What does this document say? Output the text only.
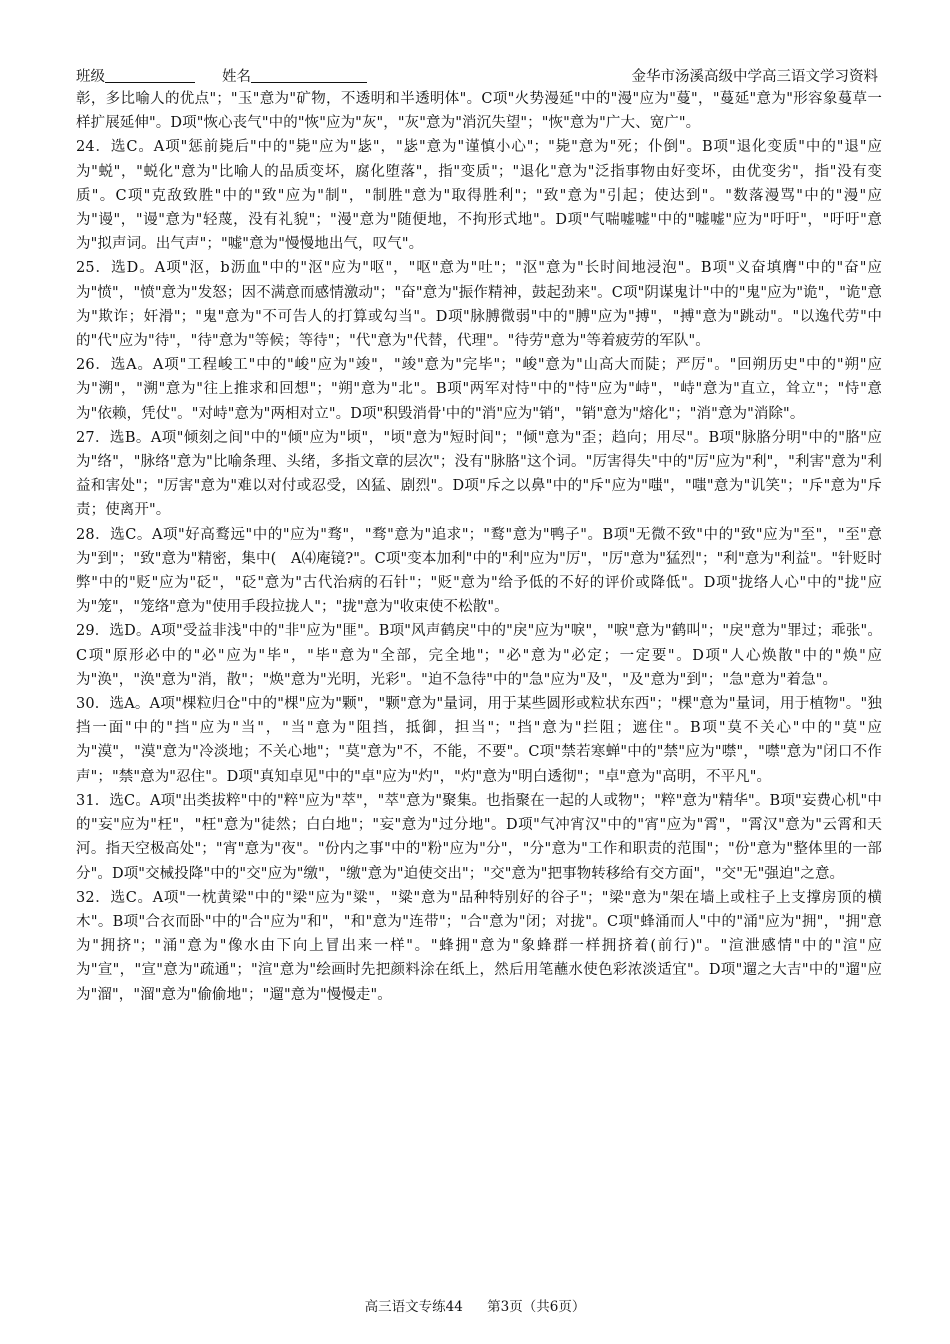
班级	姓名	金华市汤溪高级中学高三语文学习资料

彰，多比喻人的优点"；"玉"意为"矿物，不透明和半透明体"。C项"火势漫延"中的"漫"应为"蔓"，"蔓延"意为"形容象蔓草一样扩展延伸"。D项"恢心丧气"中的"恢"应为"灰"，"灰"意为"消沉失望"；"恢"意为"广大、宽广"。

24．选C。A项"惩前毙后"中的"毙"应为"毖"，"毖"意为"谨慎小心"；"毙"意为"死；仆倒"。B项"退化变质"中的"退"应为"蜕"，"蜕化"意为"比喻人的品质变坏，腐化堕落"，指"变质"；"退化"意为"泛指事物由好变坏，由优变劣"，指"没有变质"。C项"克敌致胜"中的"致"应为"制"，"制胜"意为"取得胜利"；"致"意为"引起；使达到"。"数落漫骂"中的"漫"应为"谩"，"谩"意为"轻蔑，没有礼貌"；"漫"意为"随便地，不拘形式地"。D项"气喘嘘嘘"中的"嘘嘘"应为"吁吁"，"吁吁"意为"拟声词。出气声"；"嘘"意为"慢慢地出气，叹气"。

25．选D。A项"沤，b沥血"中的"沤"应为"呕"，"呕"意为"吐"；"沤"意为"长时间地浸泡"。B项"义奋填膺"中的"奋"应为"愤"，"愤"意为"发怒；因不满意而感情激动"；"奋"意为"振作精神，鼓起劲来"。C项"阴谋鬼计"中的"鬼"应为"诡"，"诡"意为"欺诈；奸滑"；"鬼"意为"不可告人的打算或勾当"。D项"脉膊微弱"中的"膊"应为"搏"，"搏"意为"跳动"。"以逸代劳"中的"代"应为"待"，"待"意为"等候；等待"；"代"意为"代替，代理"。"待劳"意为"等着疲劳的军队"。

26．选A。A项"工程峻工"中的"峻"应为"竣"，"竣"意为"完毕"；"峻"意为"山高大而陡；严厉"。"回朔历史"中的"朔"应为"溯"，"溯"意为"往上推求和回想"；"朔"意为"北"。B项"两军对恃"中的"恃"应为"峙"，"峙"意为"直立，耸立"；"恃"意为"依赖，凭仗"。"对峙"意为"两相对立"。D项"积毁消骨'中的"消"应为"销"，"销"意为"熔化"；"消"意为"消除"。

27．选B。A项"倾刻之间"中的"倾"应为"顷"，"顷"意为"短时间"；"倾"意为"歪；趋向；用尽"。B项"脉胳分明"中的"胳"应为"络"，"脉络"意为"比喻条理、头绪，多指文章的层次"；没有"脉胳"这个词。"厉害得失"中的"厉"应为"利"，"利害"意为"利益和害处"；"厉害"意为"难以对付或忍受，凶猛、剧烈"。D项"斥之以鼻"中的"斥"应为"嗤"，"嗤"意为"讥笑"；"斥"意为"斥责；使离开"。

28．选C。A项"好高鹜远"中的"应为"骛"，"骛"意为"追求"；"鹜"意为"鸭子"。B项"无微不致"中的"致"应为"至"，"至"意为"到"；"致"意为"精密，集中(　A⑷庵镜?"。C项"变本加利"中的"利"应为"厉"，"厉"意为"猛烈"；"利"意为"利益"。"针贬时弊"中的"贬"应为"砭"，"砭"意为"古代治病的石针"；"贬"意为"给予低的不好的评价或降低"。D项"拢络人心"中的"拢"应为"笼"，"笼络"意为"使用手段拉拢人"；"拢"意为"收束使不松散"。

29．选D。A项"受益非浅"中的"非"应为"匪"。B项"风声鹤戾"中的"戾"应为"唳"，"唳"意为"鹤叫"；"戾"意为"罪过；乖张"。C项"原形必中的"必"应为"毕"，"毕"意为"全部，完全地"；"必"意为"必定；一定要"。D项"人心焕散"中的"焕"应为"涣"，"涣"意为"消，散"；"焕"意为"光明，光彩"。"迫不急待"中的"急"应为"及"，"及"意为"到"；"急"意为"着急"。

30．选A。A项"棵粒归仓"中的"棵"应为"颗"，"颗"意为"量词，用于某些圆形或粒状东西"；"棵"意为"量词，用于植物"。"独挡一面"中的"挡"应为"当"，"当"意为"阻挡，抵御，担当"；"挡"意为"拦阻；遮住"。B项"莫不关心"中的"莫"应为"漠"，"漠"意为"冷淡地；不关心地"；"莫"意为"不，不能，不要"。C项"禁若寒蝉"中的"禁"应为"噤"，"噤"意为"闭口不作声"；"禁"意为"忍住"。D项"真知卓见"中的"卓"应为"灼"，"灼"意为"明白透彻"；"卓"意为"高明，不平凡"。

31．选C。A项"出类拔粹"中的"粹"应为"萃"，"萃"意为"聚集。也指聚在一起的人或物"；"粹"意为"精华"。B项"妄费心机"中的"妄"应为"枉"，"枉"意为"徒然；白白地"；"妄"意为"过分地"。D项"气冲宵汉"中的"宵"应为"霄"，"霄汉"意为"云霄和天河。指天空极高处"；"宵"意为"夜"。"份内之事"中的"粉"应为"分"，"分"意为"工作和职责的范围"；"份"意为"整体里的一部分"。D项"交械投降"中的"交"应为"缴"，"缴"意为"迫使交出"；"交"意为"把事物转移给有交方面"，"交"无"强迫"之意。

32．选C。A项"一枕黄梁"中的"梁"应为"粱"，"粱"意为"品种特别好的谷子"；"梁"意为"架在墙上或柱子上支撑房顶的横木"。B项"合衣而卧"中的"合"应为"和"，"和"意为"连带"；"合"意为"闭；对拢"。C项"蜂涌而人"中的"涌"应为"拥"，"拥"意为"拥挤"；"涌"意为"像水由下向上冒出来一样"。"蜂拥"意为"象蜂群一样拥挤着(前行)"。"渲泄感情"中的"渲"应为"宣"，"宣"意为"疏通"；"渲"意为"绘画时先把颜料涂在纸上，然后用笔蘸水使色彩浓淡适宜"。D项"遛之大吉"中的"遛"应为"溜"，"溜"意为"偷偷地"；"遛"意为"慢慢走"。

高三语文专练44 第3页（共6页）
